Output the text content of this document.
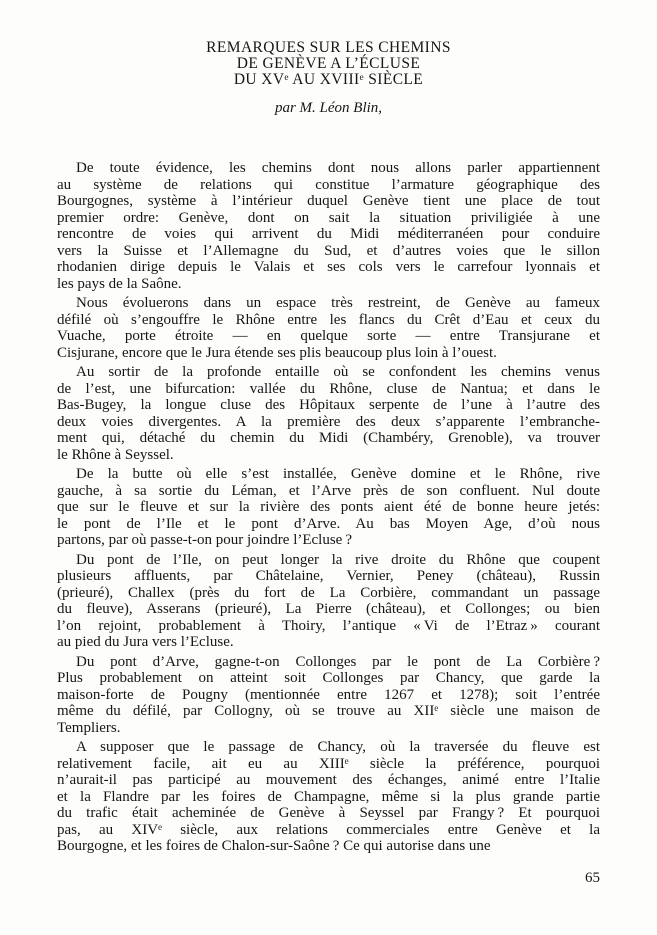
REMARQUES SUR LES CHEMINS
DE GENÈVE A L’ÉCLUSE
DU XVᵉ AU XVIIIᵉ SIÈCLE
par M. Léon Blin,
De toute évidence, les chemins dont nous allons parler appartiennent
au système de relations qui constitue l’armature géographique des
Bourgognes, système à l’intérieur duquel Genève tient une place de tout
premier ordre: Genève, dont on sait la situation priviligiée à une
rencontre de voies qui arrivent du Midi méditerranéen pour conduire
vers la Suisse et l’Allemagne du Sud, et d’autres voies que le sillon
rhodanien dirige depuis le Valais et ses cols vers le carrefour lyonnais et
les pays de la Saône.
Nous évoluerons dans un espace très restreint, de Genève au fameux
défilé où s’engouffre le Rhône entre les flancs du Crêt d’Eau et ceux du
Vuache, porte étroite — en quelque sorte — entre Transjurane et
Cisjurane, encore que le Jura étende ses plis beaucoup plus loin à l’ouest.
Au sortir de la profonde entaille où se confondent les chemins venus
de l’est, une bifurcation: vallée du Rhône, cluse de Nantua; et dans le
Bas-Bugey, la longue cluse des Hôpitaux serpente de l’une à l’autre des
deux voies divergentes. A la première des deux s’apparente l’embranche-
ment qui, détaché du chemin du Midi (Chambéry, Grenoble), va trouver
le Rhône à Seyssel.
De la butte où elle s’est installée, Genève domine et le Rhône, rive
gauche, à sa sortie du Léman, et l’Arve près de son confluent. Nul doute
que sur le fleuve et sur la rivière des ponts aient été de bonne heure jetés:
le pont de l’Ile et le pont d’Arve. Au bas Moyen Age, d’où nous
partons, par où passe-t-on pour joindre l’Ecluse ?
Du pont de l’Ile, on peut longer la rive droite du Rhône que coupent
plusieurs affluents, par Châtelaine, Vernier, Peney (château), Russin
(prieuré), Challex (près du fort de La Corbière, commandant un passage
du fleuve), Asserans (prieuré), La Pierre (château), et Collonges; ou bien
l’on rejoint, probablement à Thoiry, l’antique « Vi de l’Etraz » courant
au pied du Jura vers l’Ecluse.
Du pont d’Arve, gagne-t-on Collonges par le pont de La Corbière ?
Plus probablement on atteint soit Collonges par Chancy, que garde la
maison-forte de Pougny (mentionnée entre 1267 et 1278); soit l’entrée
même du défilé, par Collogny, où se trouve au XIIᵉ siècle une maison de
Templiers.
A supposer que le passage de Chancy, où la traversée du fleuve est
relativement facile, ait eu au XIIIᵉ siècle la préférence, pourquoi
n’aurait-il pas participé au mouvement des échanges, animé entre l’Italie
et la Flandre par les foires de Champagne, même si la plus grande partie
du trafic était acheminée de Genève à Seyssel par Frangy ? Et pourquoi
pas, au XIVᵉ siècle, aux relations commerciales entre Genève et la
Bourgogne, et les foires de Chalon-sur-Saône ? Ce qui autorise dans une
65
